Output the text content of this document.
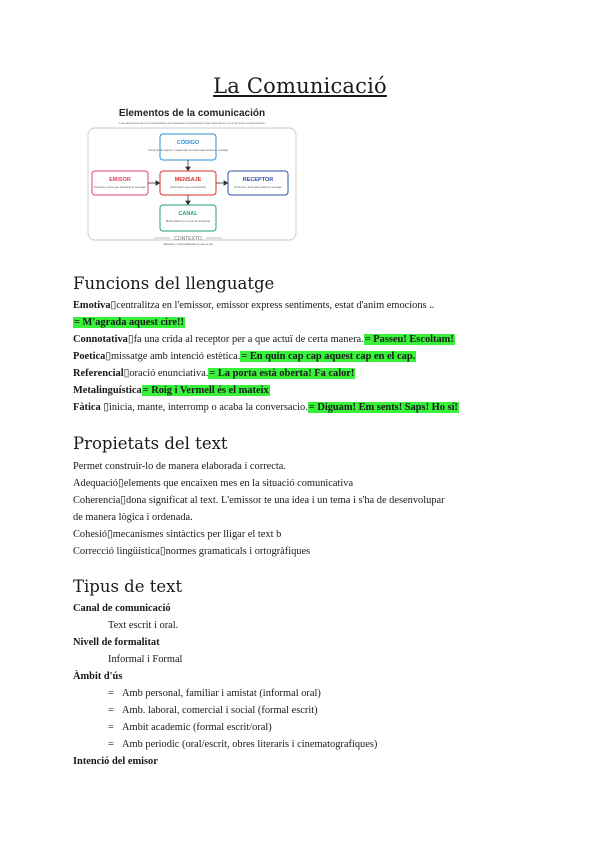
La Comunicació
Elementos de la comunicación
Los elementos de la comunicación son aquellos componentes que intervienen en el proceso comunicativo
CÓDIGO
Conjunto de signos y reglas que se usan para formar el mensaje
EMISOR
Persona o ente que transmite el mensaje
MENSAJE
Información que se transmite
RECEPTOR
Persona o ente que recibe el mensaje
CANAL
Medio físico por el que se transmite
CONTEXTO
Situación o circunstancias en que se da
Funcions del llenguatge
Emotiva▯centralitza en l'emissor, emissor express sentiments, estat d'anim emocions ..
= M'agrada aquest cire!!
Connotativa▯fa una crida al receptor per a que actuï de certa manera.= Passeu! Escoltam!
Poetica▯missatge amb intenció estètica.= En quin cap cap aquest cap en el cap.
Referencial▯oració enunciativa.= La porta està oberta! Fa calor!
Metalinguística= Roig i Vermell és el mateix
Fàtica ▯inicia, mante, interromp o acaba la conversacio.= Diguam! Em sents! Saps! Ho sí!
Propietats del text
Permet construir-lo de manera elaborada i correcta.
Adequació▯elements que encaixen mes en la situació comunicativa
Coherencia▯dona significat al text. L'emissor te una idea i un tema i s'ha de desenvolupar
de manera lògica i ordenada.
Cohesió▯mecanismes sintàctics per lligar el text b
Correcció lingüística▯normes gramaticals i ortogràfiques
Tipus de text
Canal de comunicació
Text escrit i oral.
Nivell de formalitat
Informal i Formal
Àmbit d'ús
= Amb personal, familiar i amistat (informal oral)
= Amb. laboral, comercial i social (formal escrit)
= Ambit academic (formal escrit/oral)
= Amb periodic (oral/escrit, obres literaris i cinematografiques)
Intenció del emisor
